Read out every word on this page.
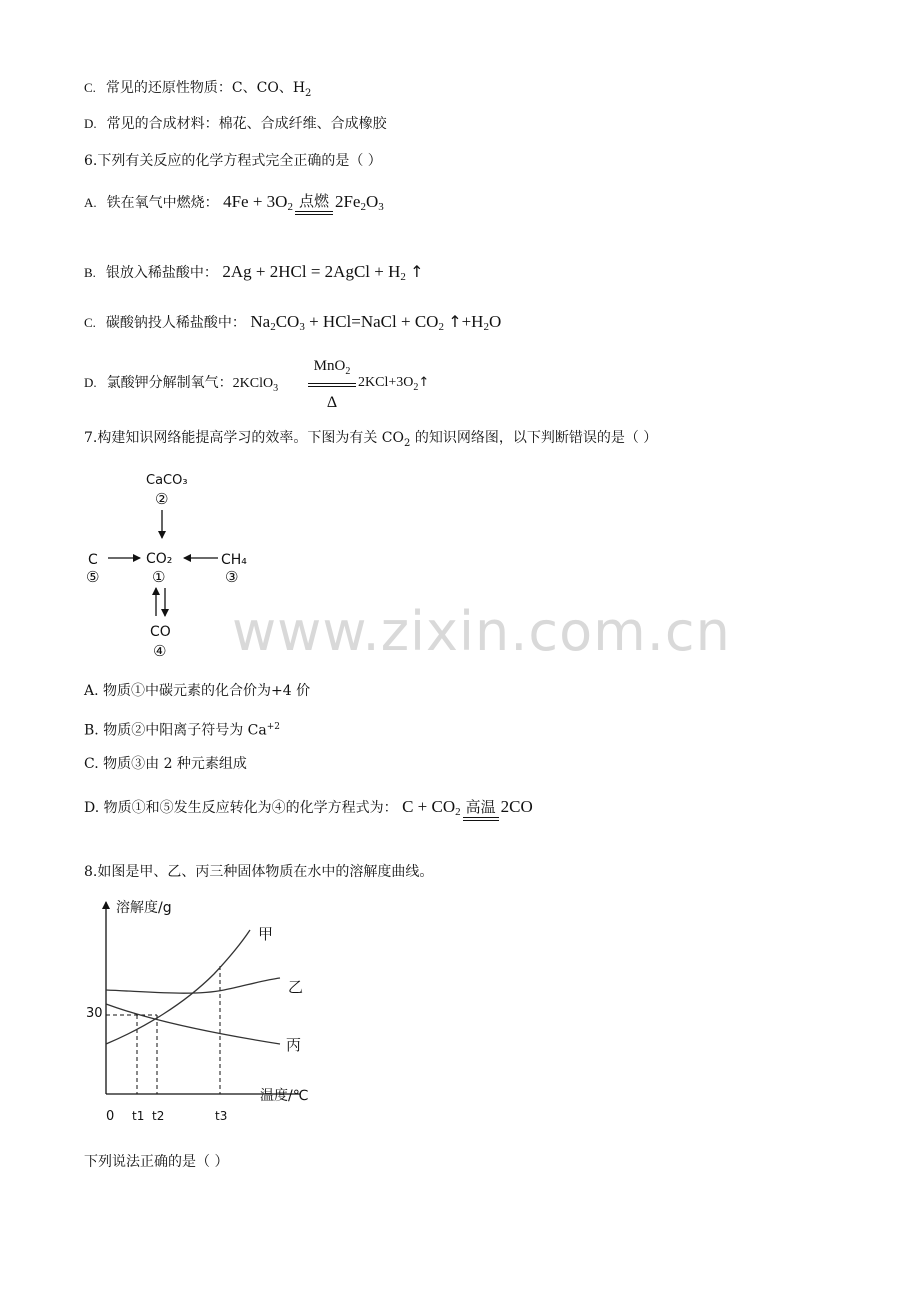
C. 常见的还原性物质：C、CO、$H_2$
D. 常见的合成材料：棉花、合成纤维、合成橡胶
6.下列有关反应的化学方程式完全正确的是（ ）
A. 铁在氧气中燃烧： $4Fe + 3O_2$ 点燃 $2Fe_2O_3$
B. 银放入稀盐酸中： 2Ag + 2HCl = 2AgCl + $H_2$ ↑
C. 碳酸钠投人稀盐酸中： $Na_2CO_3$ + HCl=NaCl + $CO_2$ $↑+H_2O$
D. 氯酸钾分解制氧气：2KClO$_3$
MnO$_2$
Δ
$2KCl+3O_2↑$
7.构建知识网络能提高学习的效率。下图为有关 $CO_2$ 的知识网络图，以下判断错误的是（ ）
CaCO₃
②
C
⑤
CO₂
①
CH₄
③
CO
④ www.zixin.com.cn
A. 物质①中碳元素的化合价为+4 价
B. 物质②中阳离子符号为 $Ca^{+2}$
C. 物质③由 2 种元素组成
D. 物质①和⑤发生反应转化为④的化学方程式为： $C + CO_2$ 高温 2CO
8.如图是甲、乙、丙三种固体物质在水中的溶解度曲线。
溶解度/g
温度/℃
0
30
t1 t2	t3
甲
乙
丙
下列说法正确的是（ ）
